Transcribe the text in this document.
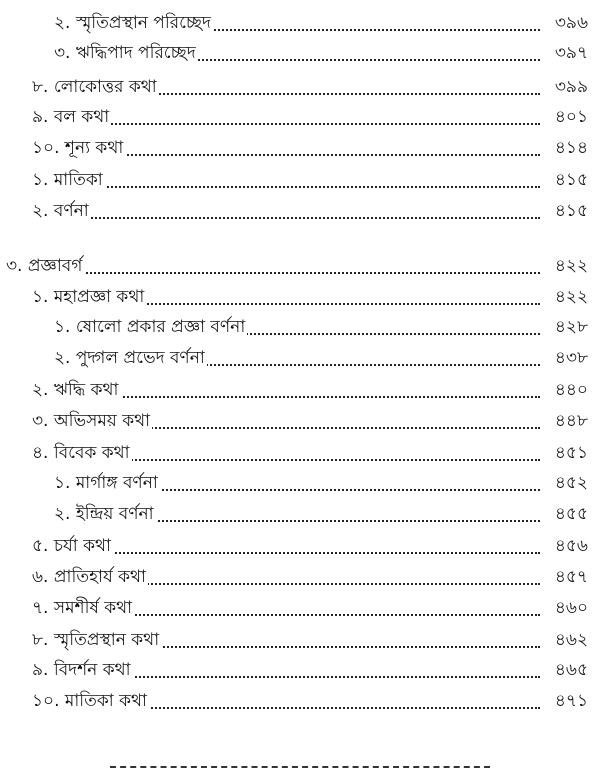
২. স্মৃতিপ্রস্থান পরিচ্ছেদ	৩৯৬
৩. ঋদ্ধিপাদ পরিচ্ছেদ	৩৯৭
৮. লোকোত্তর কথা	৩৯৯
৯. বল কথা	৪০১
১০. শূন্য কথা	৪১৪
১. মাতিকা	৪১৫
২. বর্ণনা	৪১৫
৩. প্রজ্ঞাবর্গ	৪২২
১. মহাপ্রজ্ঞা কথা	৪২২
১. ষোলো প্রকার প্রজ্ঞা বর্ণনা	৪২৮
২. পুদ্গল প্রভেদ বর্ণনা	৪৩৮
২. ঋদ্ধি কথা	৪৪০
৩. অভিসময় কথা	৪৪৮
৪. বিবেক কথা	৪৫১
১. মার্গাঙ্গ বর্ণনা	৪৫২
২. ইন্দ্রিয় বর্ণনা	৪৫৫
৫. চর্যা কথা	৪৫৬
৬. প্রাতিহার্য কথা	৪৫৭
৭. সমশীর্ষ কথা	৪৬০
৮. স্মৃতিপ্রস্থান কথা	৪৬২
৯. বিদর্শন কথা	৪৬৫
১০. মাতিকা কথা	৪৭১
